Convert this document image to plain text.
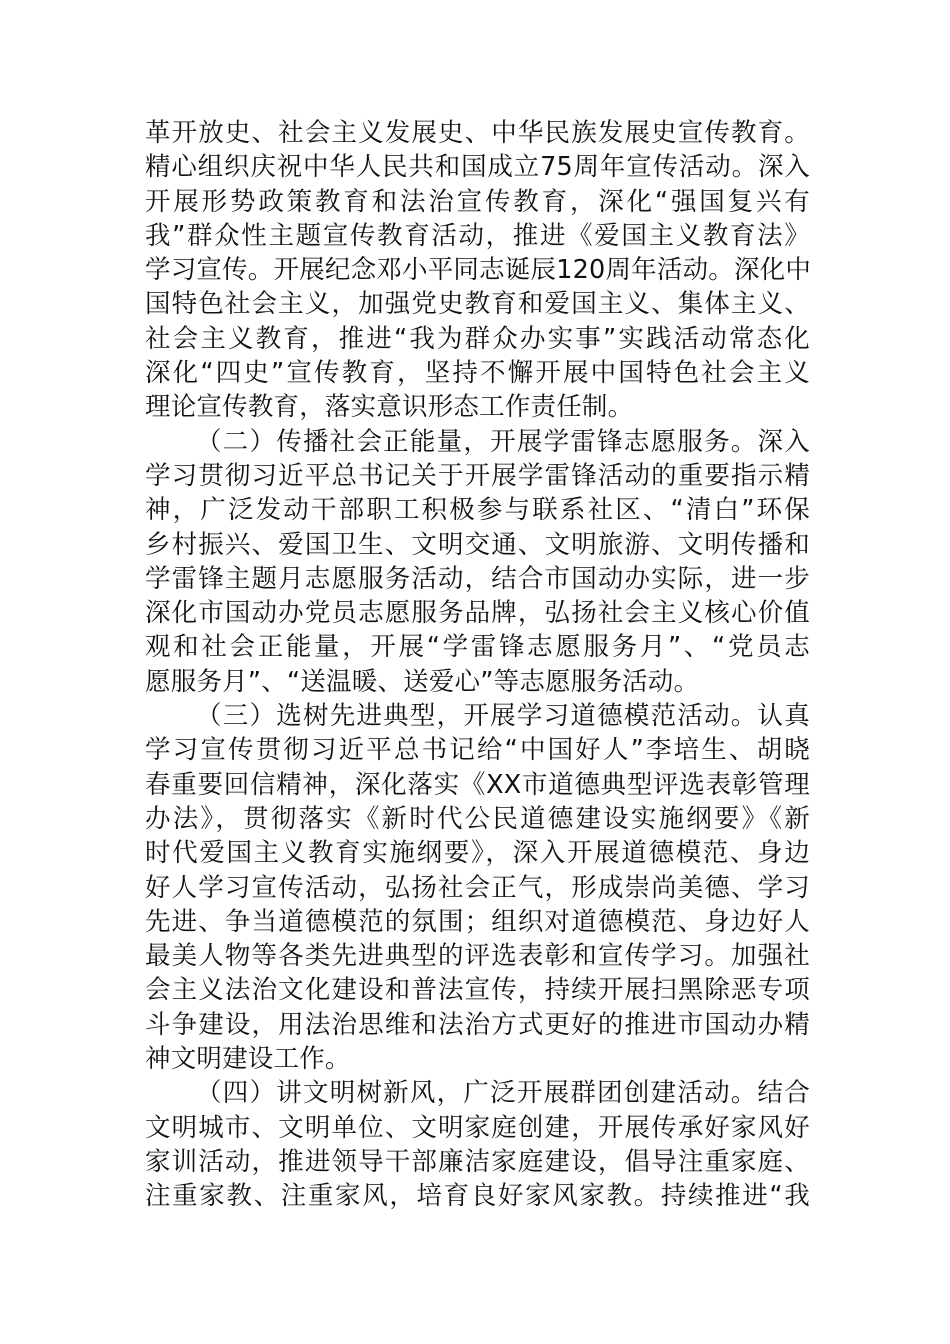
革开放史、社会主义发展史、中华民族发展史宣传教育。
精心组织庆祝中华人民共和国成立75周年宣传活动。深入
开展形势政策教育和法治宣传教育，深化“强国复兴有
我”群众性主题宣传教育活动，推进《爱国主义教育法》
学习宣传。开展纪念邓小平同志诞辰120周年活动。深化中
国特色社会主义，加强党史教育和爱国主义、集体主义、
社会主义教育，推进“我为群众办实事”实践活动常态化
深化“四史”宣传教育，坚持不懈开展中国特色社会主义
理论宣传教育，落实意识形态工作责任制。
（二）传播社会正能量，开展学雷锋志愿服务。深入
学习贯彻习近平总书记关于开展学雷锋活动的重要指示精
神，广泛发动干部职工积极参与联系社区、“清白”环保
乡村振兴、爱国卫生、文明交通、文明旅游、文明传播和
学雷锋主题月志愿服务活动，结合市国动办实际，进一步
深化市国动办党员志愿服务品牌，弘扬社会主义核心价值
观和社会正能量，开展“学雷锋志愿服务月”、“党员志
愿服务月”、“送温暖、送爱心”等志愿服务活动。
（三）选树先进典型，开展学习道德模范活动。认真
学习宣传贯彻习近平总书记给“中国好人”李培生、胡晓
春重要回信精神，深化落实《XX市道德典型评选表彰管理
办法》，贯彻落实《新时代公民道德建设实施纲要》《新
时代爱国主义教育实施纲要》，深入开展道德模范、身边
好人学习宣传活动，弘扬社会正气，形成崇尚美德、学习
先进、争当道德模范的氛围；组织对道德模范、身边好人
最美人物等各类先进典型的评选表彰和宣传学习。加强社
会主义法治文化建设和普法宣传，持续开展扫黑除恶专项
斗争建设，用法治思维和法治方式更好的推进市国动办精
神文明建设工作。
（四）讲文明树新风，广泛开展群团创建活动。结合
文明城市、文明单位、文明家庭创建，开展传承好家风好
家训活动，推进领导干部廉洁家庭建设，倡导注重家庭、
注重家教、注重家风，培育良好家风家教。持续推进“我
